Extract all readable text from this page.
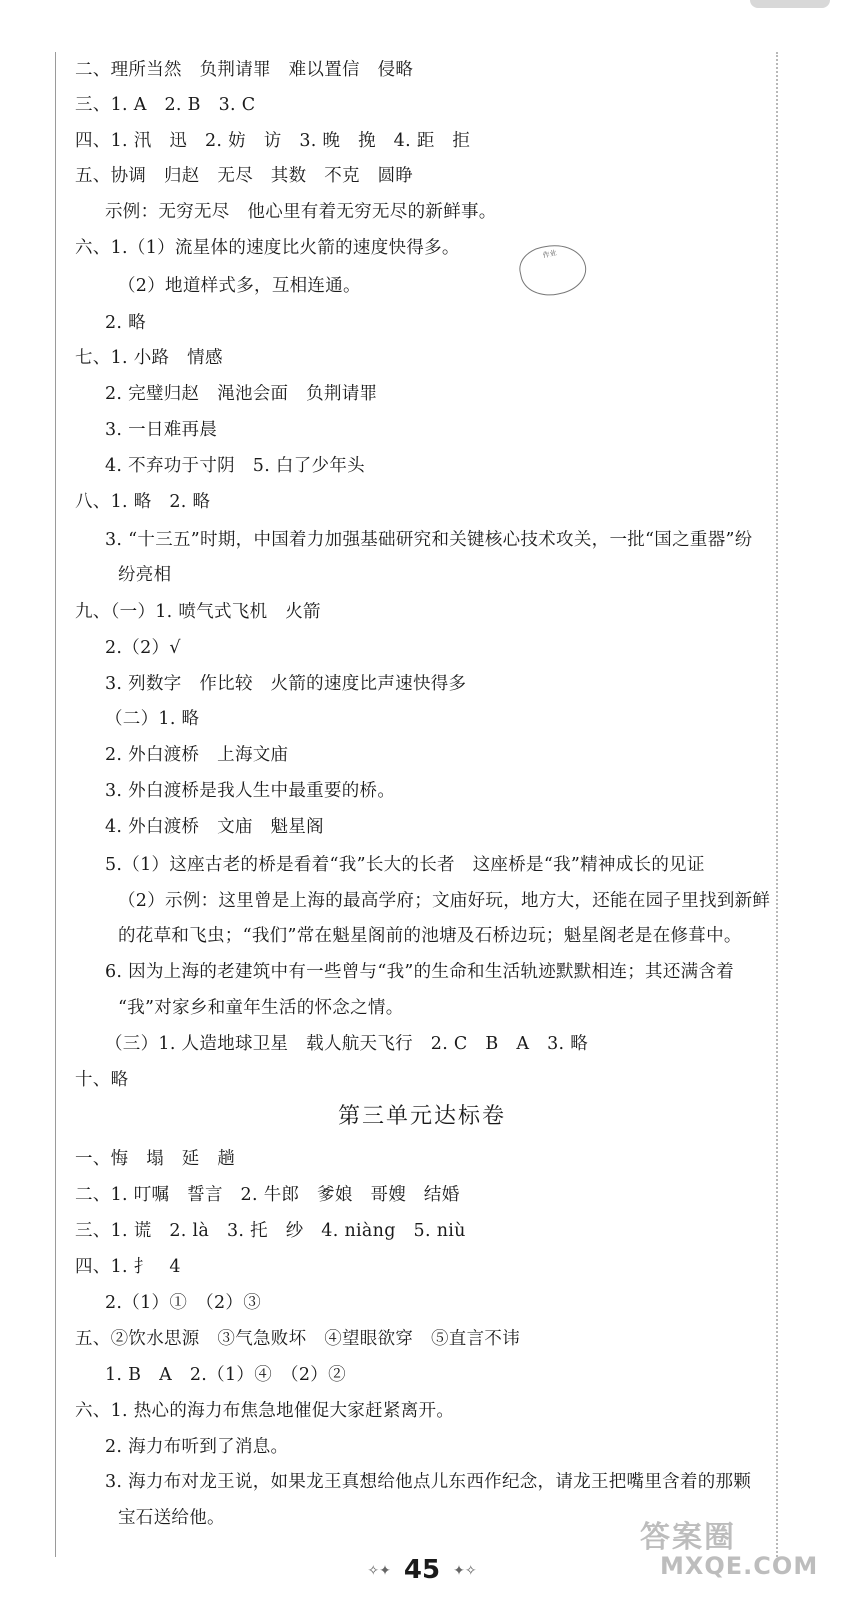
二、理所当然　负荆请罪　难以置信　侵略
三、1. A　2. B　3. C
四、1. 汛　迅　2. 妨　访　3. 晚　挽　4. 距　拒
五、协调　归赵　无尽　其数　不克　圆睁
示例：无穷无尽　他心里有着无穷无尽的新鲜事。
六、1.（1）流星体的速度比火箭的速度快得多。
（2）地道样式多，互相连通。
2. 略
七、1. 小路　情感
2. 完璧归赵　渑池会面　负荆请罪
3. 一日难再晨
4. 不弃功于寸阴　5. 白了少年头
八、1. 略　2. 略
3. “十三五”时期，中国着力加强基础研究和关键核心技术攻关，一批“国之重器”纷
纷亮相
九、（一）1. 喷气式飞机　火箭
2.（2）√
3. 列数字　作比较　火箭的速度比声速快得多
（二）1. 略
2. 外白渡桥　上海文庙
3. 外白渡桥是我人生中最重要的桥。
4. 外白渡桥　文庙　魁星阁
5.（1）这座古老的桥是看着“我”长大的长者　这座桥是“我”精神成长的见证
（2）示例：这里曾是上海的最高学府；文庙好玩，地方大，还能在园子里找到新鲜
的花草和飞虫；“我们”常在魁星阁前的池塘及石桥边玩；魁星阁老是在修葺中。
6. 因为上海的老建筑中有一些曾与“我”的生命和生活轨迹默默相连；其还满含着
“我”对家乡和童年生活的怀念之情。
（三）1. 人造地球卫星　载人航天飞行　2. C　B　A　3. 略
十、略
第三单元达标卷
一、悔　塌　延　趟
二、1. 叮嘱　誓言　2. 牛郎　爹娘　哥嫂　结婚
三、1. 谎　2. là　3. 托　纱　4. niàng　5. niù
四、1. 扌　4
2.（1）①　（2）③
五、②饮水思源　③气急败坏　④望眼欲穿　⑤直言不讳
1. B　A　2.（1）④　（2）②
六、1. 热心的海力布焦急地催促大家赶紧离开。
2. 海力布听到了消息。
3. 海力布对龙王说，如果龙王真想给他点儿东西作纪念，请龙王把嘴里含着的那颗
宝石送给他。
作业
答案圈
MXQE.COM
✧✦ 45 ✦✧
